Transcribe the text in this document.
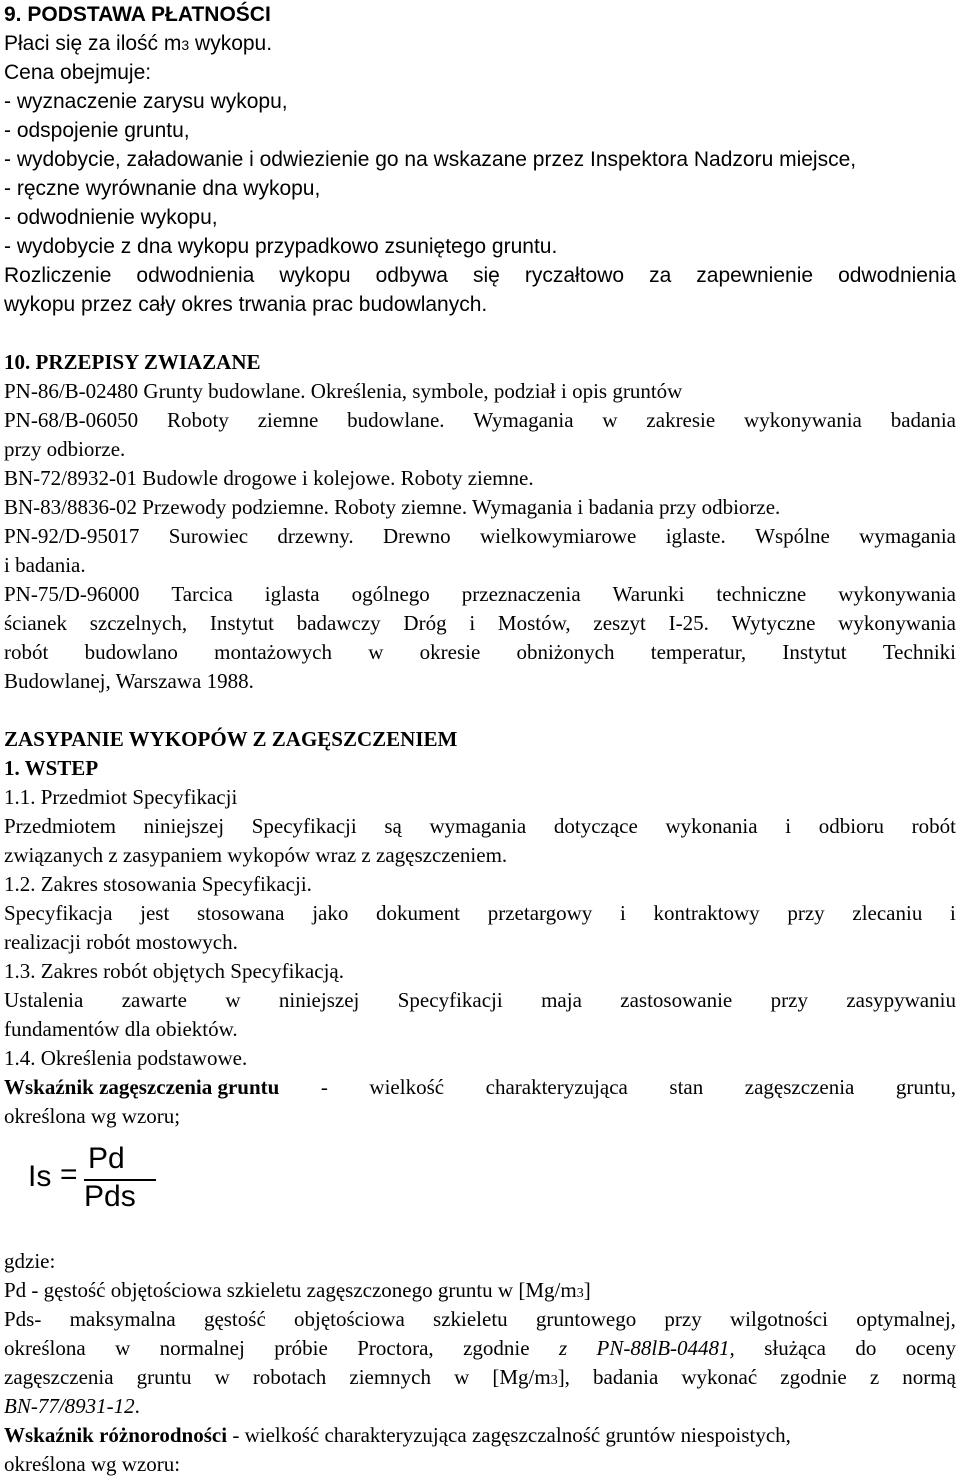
9. PODSTAWA PŁATNOŚCI
Płaci się za ilość m3 wykopu.
Cena obejmuje:
- wyznaczenie zarysu wykopu,
- odspojenie gruntu,
- wydobycie, załadowanie i odwiezienie go na wskazane przez Inspektora Nadzoru miejsce,
- ręczne wyrównanie dna wykopu,
- odwodnienie wykopu,
- wydobycie z dna wykopu przypadkowo zsuniętego gruntu.
Rozliczenie odwodnienia wykopu odbywa się ryczałtowo za zapewnienie odwodnienia
wykopu przez cały okres trwania prac budowlanych.
10. PRZEPISY ZWIAZANE
PN-86/B-02480 Grunty budowlane. Określenia, symbole, podział i opis gruntów
PN-68/B-06050 Roboty ziemne budowlane. Wymagania w zakresie wykonywania badania
przy odbiorze.
BN-72/8932-01 Budowle drogowe i kolejowe. Roboty ziemne.
BN-83/8836-02 Przewody podziemne. Roboty ziemne. Wymagania i badania przy odbiorze.
PN-92/D-95017 Surowiec drzewny. Drewno wielkowymiarowe iglaste. Wspólne wymagania
i badania.
PN-75/D-96000 Tarcica iglasta ogólnego przeznaczenia Warunki techniczne wykonywania
ścianek szczelnych, Instytut badawczy Dróg i Mostów, zeszyt I-25. Wytyczne wykonywania
robót budowlano montażowych w okresie obniżonych temperatur, Instytut Techniki
Budowlanej, Warszawa 1988.
ZASYPANIE WYKOPÓW Z ZAGĘSZCZENIEM
1. WSTEP
1.1. Przedmiot Specyfikacji
Przedmiotem niniejszej Specyfikacji są wymagania dotyczące wykonania i odbioru robót
związanych z zasypaniem wykopów wraz z zagęszczeniem.
1.2. Zakres stosowania Specyfikacji.
Specyfikacja jest stosowana jako dokument przetargowy i kontraktowy przy zlecaniu i
realizacji robót mostowych.
1.3. Zakres robót objętych Specyfikacją.
Ustalenia zawarte w niniejszej Specyfikacji maja zastosowanie przy zasypywaniu
fundamentów dla obiektów.
1.4. Określenia podstawowe.
Wskaźnik zagęszczenia gruntu - wielkość charakteryzująca stan zagęszczenia gruntu,
określona wg wzoru;
gdzie:
Pd - gęstość objętościowa szkieletu zagęszczonego gruntu w [Mg/m3]
Pds- maksymalna gęstość objętościowa szkieletu gruntowego przy wilgotności optymalnej,
określona w normalnej próbie Proctora, zgodnie z PN-88lB-04481, służąca do oceny
zagęszczenia gruntu w robotach ziemnych w [Mg/m3], badania wykonać zgodnie z normą
BN-77/8931-12.
Wskaźnik różnorodności - wielkość charakteryzująca zagęszczalność gruntów niespoistych,
określona wg wzoru:
Is = Pd
Pds
